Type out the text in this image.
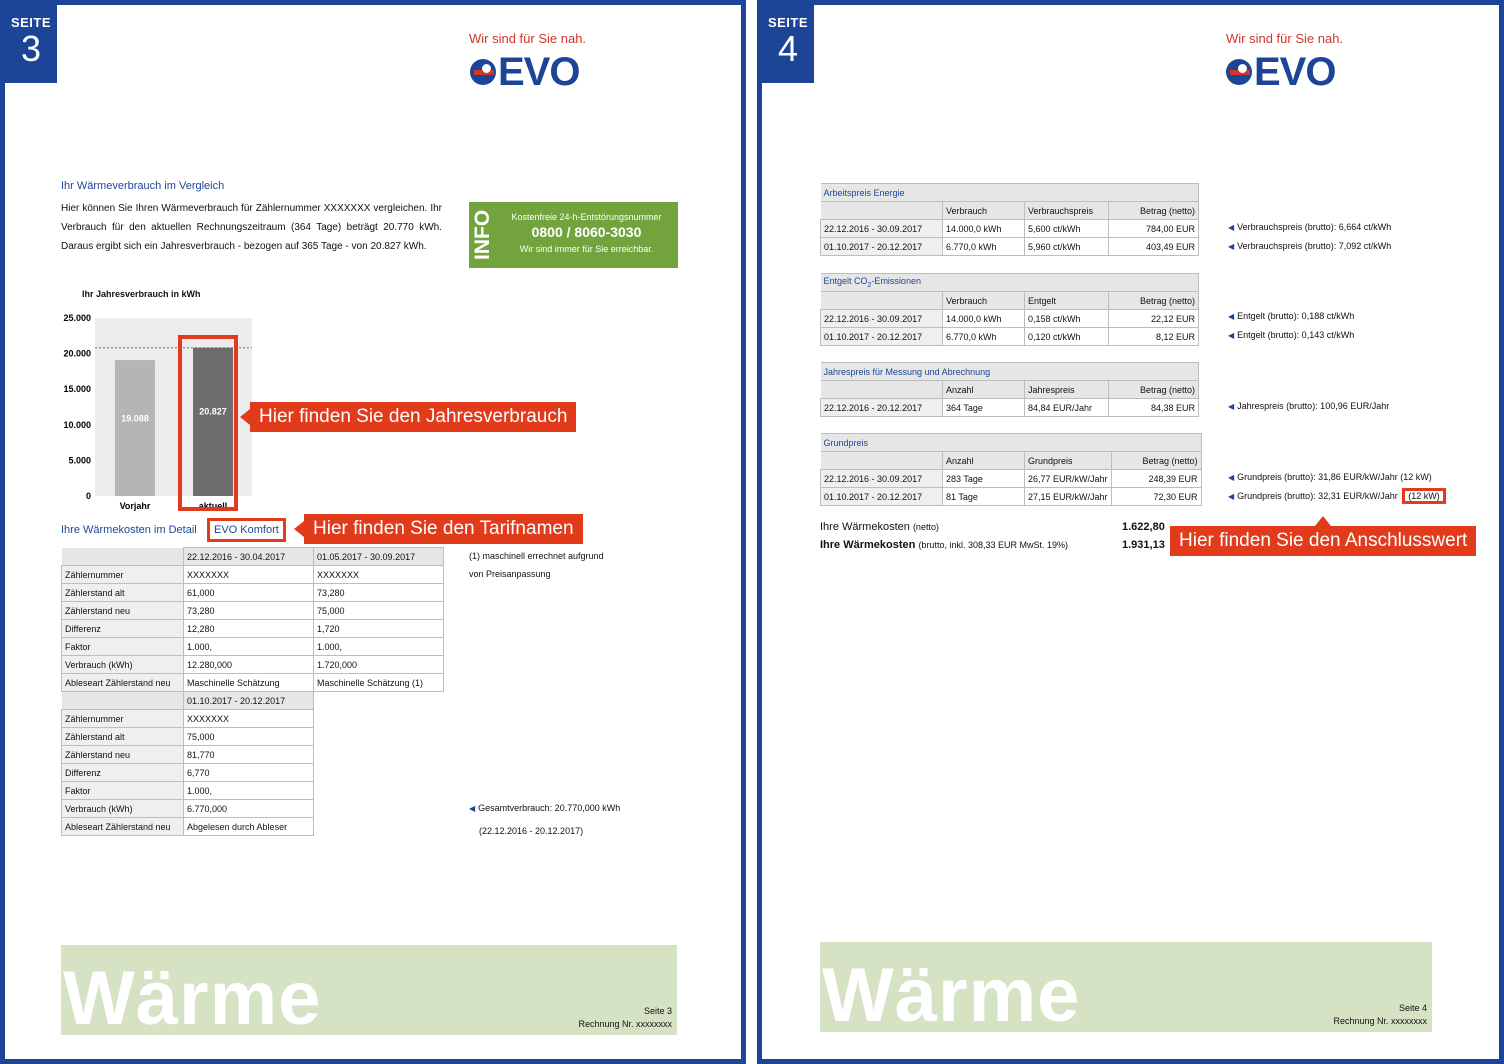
SEITE
3	Wir sind für Sie nah.
EVO
Ihr Wärmeverbrauch im Vergleich
Hier können Sie Ihren Wärmeverbrauch für Zählernummer XXXXXXX vergleichen. Ihr Verbrauch für den aktuellen Rechnungszeitraum (364 Tage) beträgt 20.770 kWh. Daraus ergibt sich ein Jahresverbrauch - bezogen auf 365 Tage - von 20.827 kWh.	INFO	Kostenfreie 24-h-Entstörungsnummer
0800 / 8060-3030
Wir sind immer für Sie erreichbar.
Ihr Jahresverbrauch in kWh
25.000
20.000
15.000
10.000
5.000
0
19.088
Vorjahr
20.827
aktuell
Hier finden Sie den Jahresverbrauch
Ihre Wärmekosten im Detail	EVO Komfort	Hier finden Sie den Tarifnamen
	22.12.2016 - 30.04.2017	01.05.2017 - 30.09.2017
Zählernummer	XXXXXXX	XXXXXXX
Zählerstand alt	61,000	73,280
Zählerstand neu	73,280	75,000
Differenz	12,280	1,720
Faktor	1.000,	1.000,
Verbrauch (kWh)	12.280,000	1.720,000
Ableseart Zählerstand neu	Maschinelle Schätzung	Maschinelle Schätzung (1)
	01.10.2017 - 20.12.2017
Zählernummer	XXXXXXX
Zählerstand alt	75,000
Zählerstand neu	81,770
Differenz	6,770
Faktor	1.000,
Verbrauch (kWh)	6.770,000
Ableseart Zählerstand neu	Abgelesen durch Ableser
(1) maschinell errechnet aufgrund
von Preisanpassung
◀ Gesamtverbrauch: 20.770,000 kWh
(22.12.2016 - 20.12.2017)
Wärme	Seite 3
Rechnung Nr. xxxxxxxx
SEITE
4	Wir sind für Sie nah.
EVO
Arbeitspreis Energie			
	Verbrauch	Verbrauchspreis	Betrag (netto)
22.12.2016 - 30.09.2017	14.000,0 kWh	5,600 ct/kWh	784,00 EUR
01.10.2017 - 20.12.2017	6.770,0 kWh	5,960 ct/kWh	403,49 EUR
◀ Verbrauchspreis (brutto): 6,664 ct/kWh
◀ Verbrauchspreis (brutto): 7,092 ct/kWh
Entgelt $CO_2$-Emissionen			
	Verbrauch	Entgelt	Betrag (netto)
22.12.2016 - 30.09.2017	14.000,0 kWh	0,158 ct/kWh	22,12 EUR
01.10.2017 - 20.12.2017	6.770,0 kWh	0,120 ct/kWh	8,12 EUR
◀ Entgelt (brutto): 0,188 ct/kWh
◀ Entgelt (brutto): 0,143 ct/kWh
Jahrespreis für Messung und Abrechnung			
	Anzahl	Jahrespreis	Betrag (netto)
22.12.2016 - 20.12.2017	364 Tage	84,84 EUR/Jahr	84,38 EUR	◀ Jahrespreis (brutto): 100,96 EUR/Jahr
Grundpreis			
	Anzahl	Grundpreis	Betrag (netto)
22.12.2016 - 30.09.2017	283 Tage	26,77 EUR/kW/Jahr	248,39 EUR
01.10.2017 - 20.12.2017	81 Tage	27,15 EUR/kW/Jahr	72,30 EUR
◀ Grundpreis (brutto): 31,86 EUR/kW/Jahr (12 kW)
◀ Grundpreis (brutto): 32,31 EUR/kW/Jahr (12 kW)
Ihre Wärmekosten (netto)	1.622,80
Ihre Wärmekosten (brutto, inkl. 308,33 EUR MwSt. 19%)	1.931,13 Hier finden Sie den Anschlusswert
Wärme	Seite 4
Rechnung Nr. xxxxxxxx
